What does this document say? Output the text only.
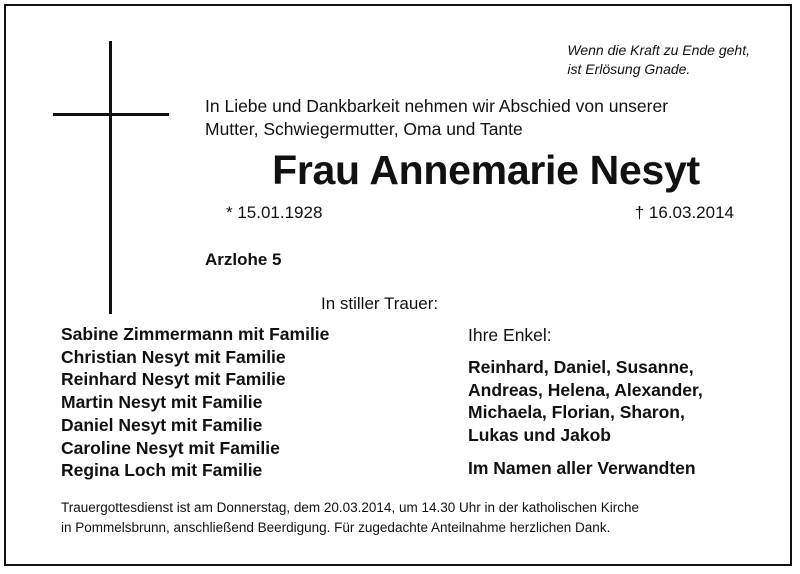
Wenn die Kraft zu Ende geht,
ist Erlösung Gnade.
In Liebe und Dankbarkeit nehmen wir Abschied von unserer
Mutter, Schwiegermutter, Oma und Tante
Frau Annemarie Nesyt
* 15.01.1928	† 16.03.2014
Arzlohe 5
In stiller Trauer:
Sabine Zimmermann mit Familie
Christian Nesyt mit Familie
Reinhard Nesyt mit Familie
Martin Nesyt mit Familie
Daniel Nesyt mit Familie
Caroline Nesyt mit Familie
Regina Loch mit Familie
Ihre Enkel:
Reinhard, Daniel, Susanne,
Andreas, Helena, Alexander,
Michaela, Florian, Sharon,
Lukas und Jakob
Im Namen aller Verwandten
Trauergottesdienst ist am Donnerstag, dem 20.03.2014, um 14.30 Uhr in der katholischen Kirche
in Pommelsbrunn, anschließend Beerdigung. Für zugedachte Anteilnahme herzlichen Dank.
